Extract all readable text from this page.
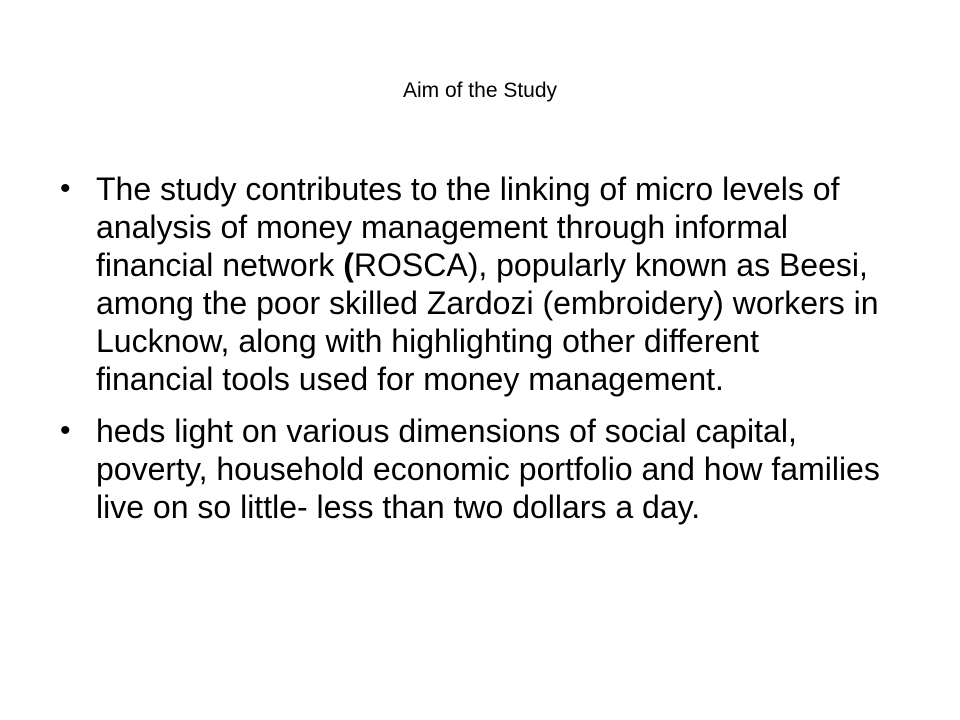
Aim of the Study
• The study contributes to the linking of micro levels of analysis of money management through informal financial network (ROSCA), popularly known as Beesi, among the poor skilled Zardozi (embroidery) workers in Lucknow, along with highlighting other different financial tools used for money management.
• heds light on various dimensions of social capital, poverty, household economic portfolio and how families live on so little- less than two dollars a day.
